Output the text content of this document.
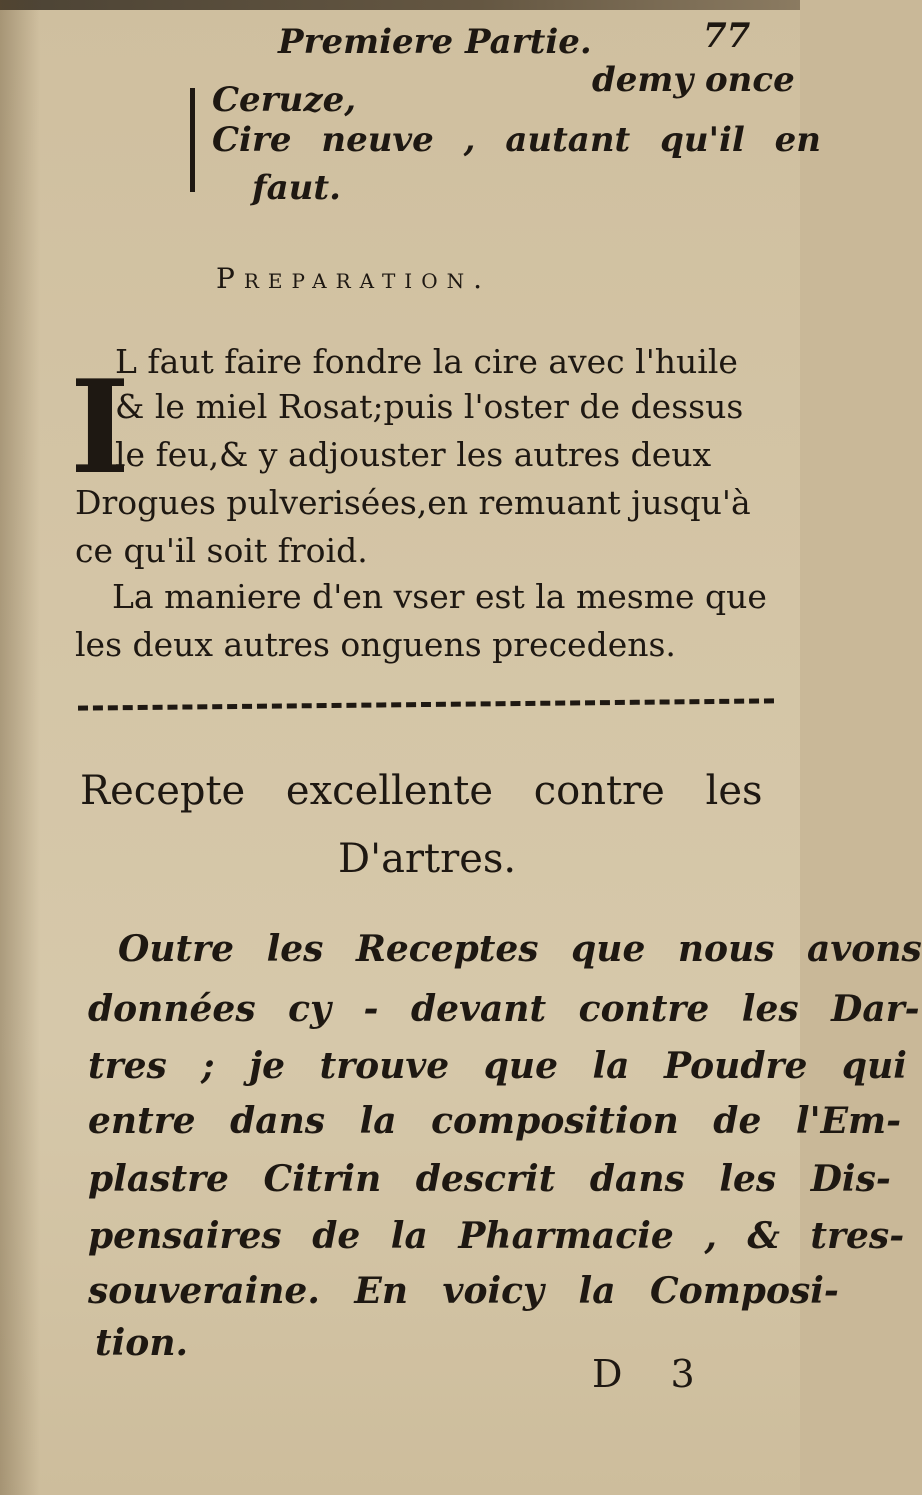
Premiere Partie.	77
Ceruze,	demy once
Cire neuve , autant qu'il en
faut.
Preparation.
I
L faut faire fondre la cire avec l'huile
& le miel Rosat;puis l'oster de dessus
le feu,& y adjouster les autres deux
Drogues pulverisées,en remuant jusqu'à
ce qu'il soit froid.
La maniere d'en vser est la mesme que
les deux autres onguens precedens.
Recepte excellente contre les
D'artres.
Outre les Receptes que nous avons
données cy - devant contre les Dar-
tres ; je trouve que la Poudre qui
entre dans la composition de l'Em-
plastre Citrin descrit dans les Dis-
pensaires de la Pharmacie , & tres-
souveraine. En voicy la Composi-
tion.
D 3
